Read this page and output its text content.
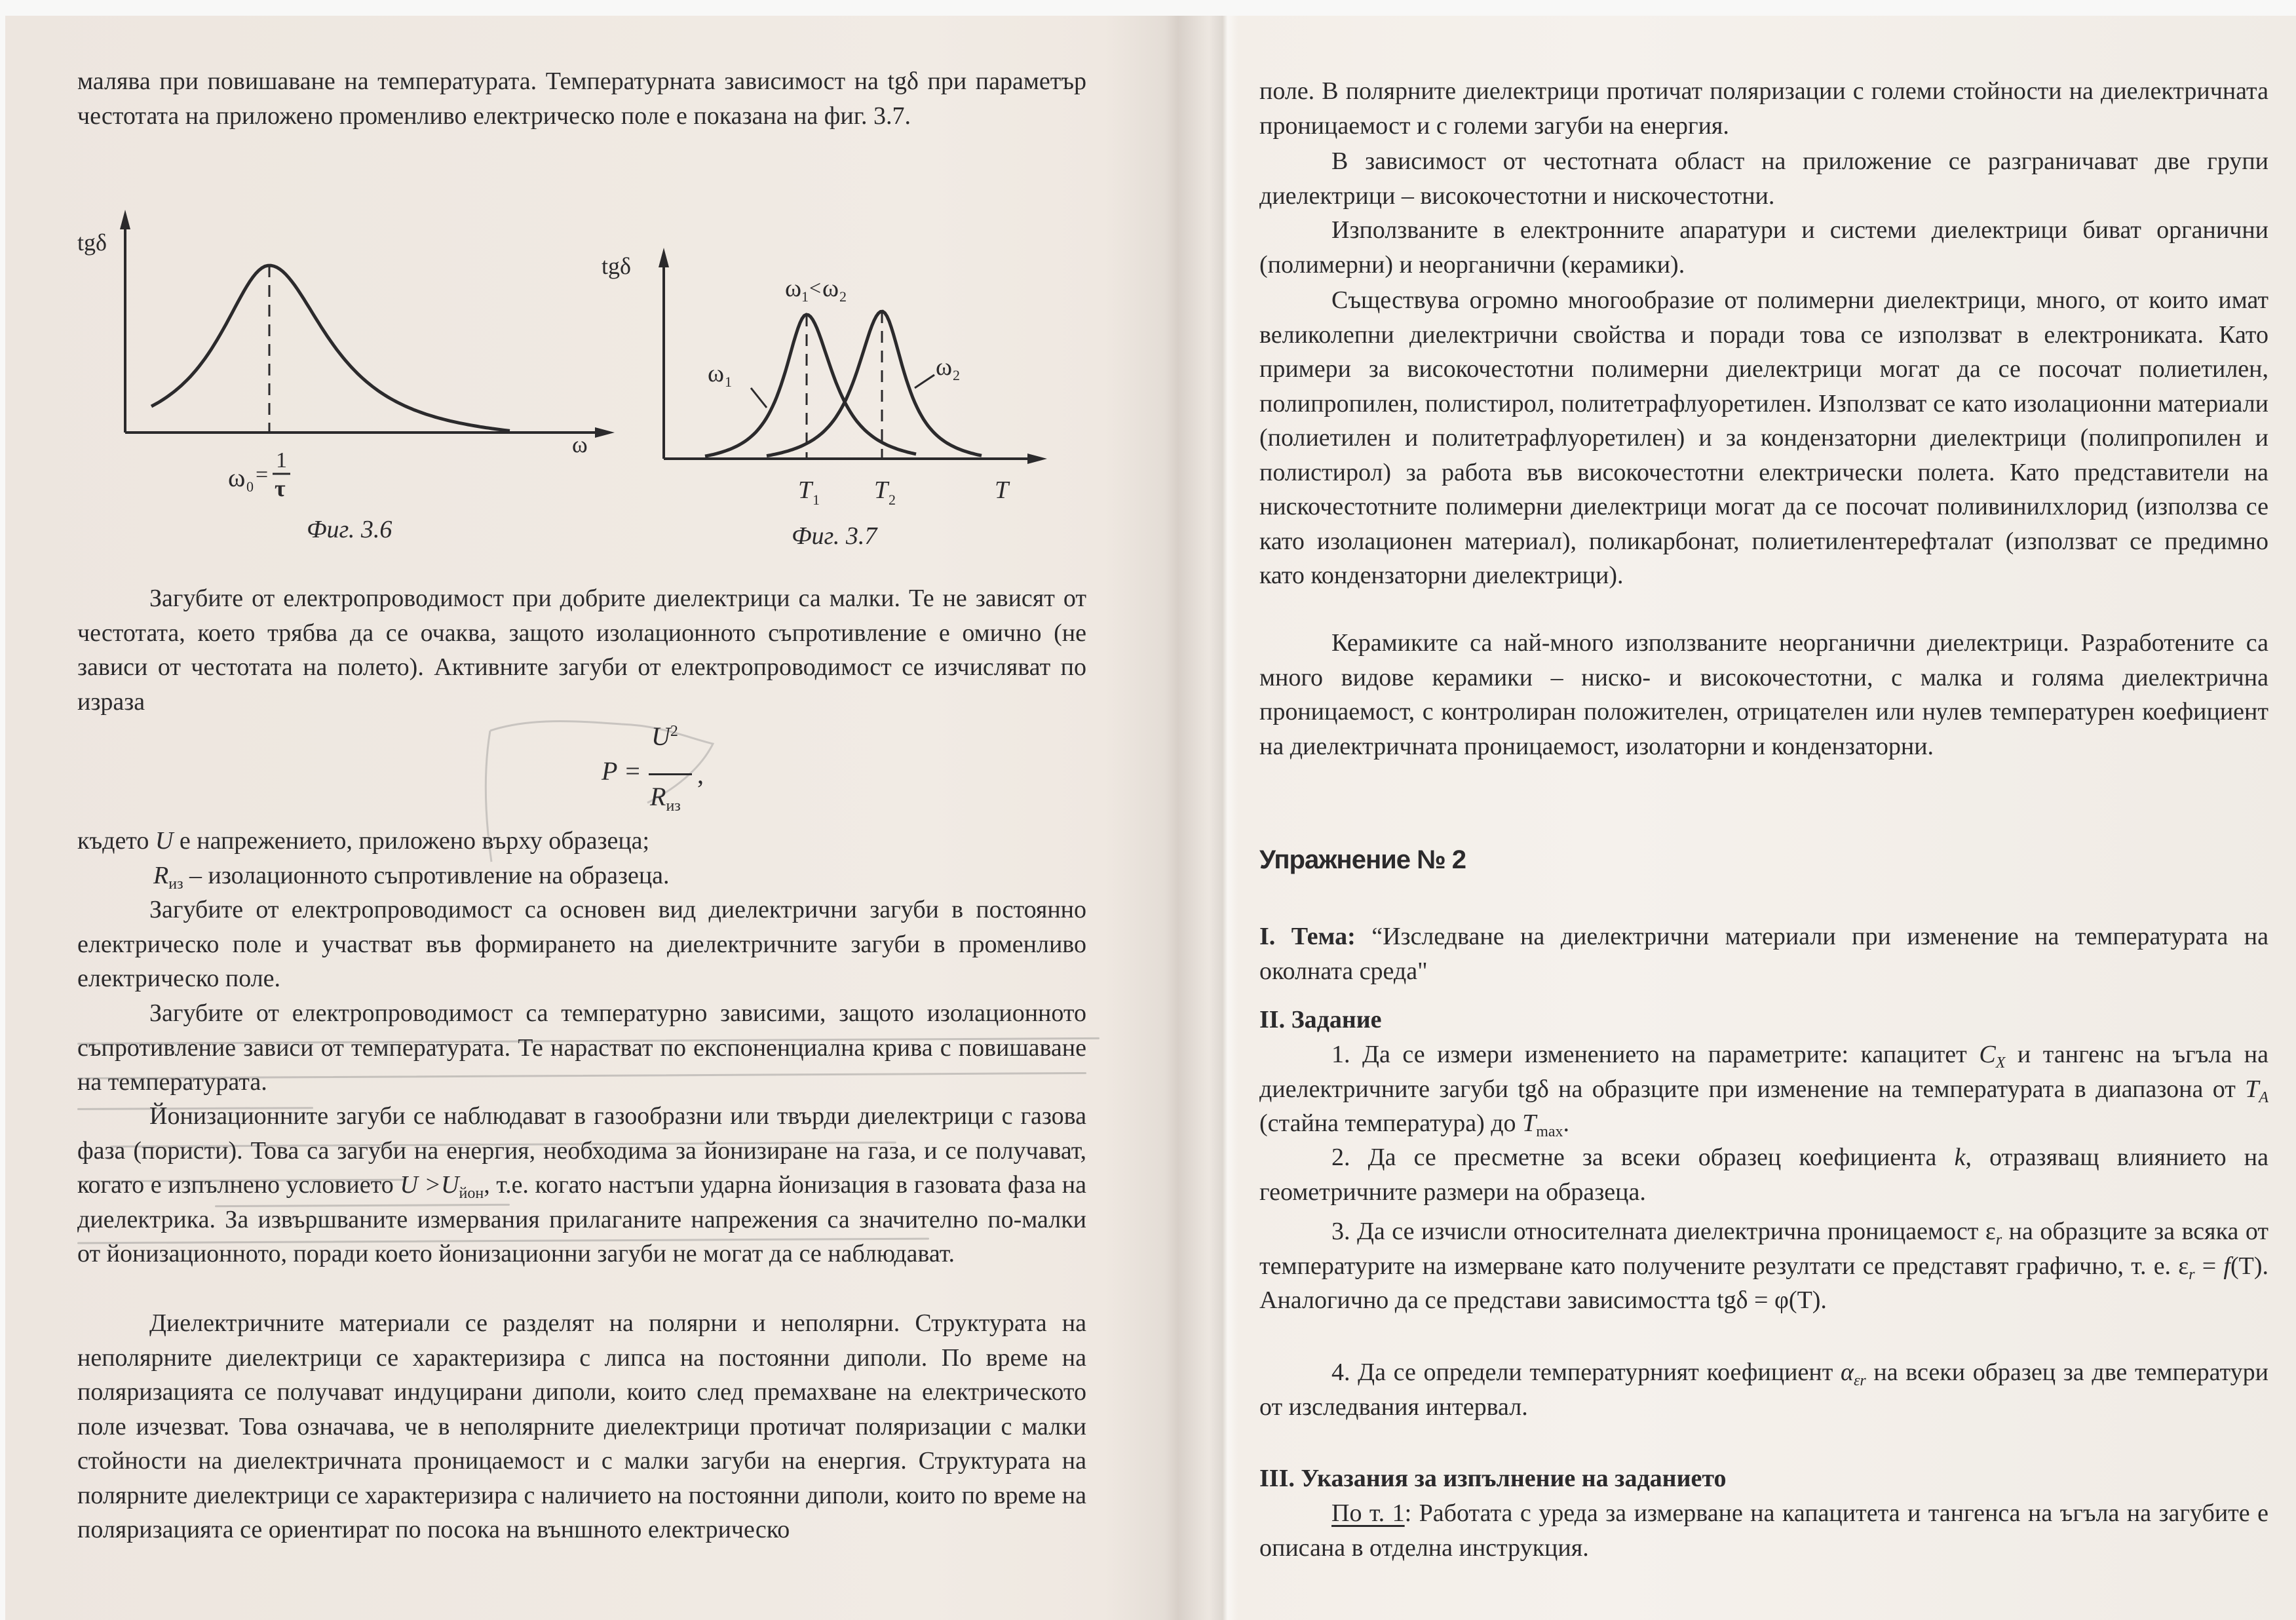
малява при повишаване на температурата. Температурната зависимост на tgδ при параметър честотата на приложено променливо електрическо поле е показана на фиг. 3.7.

tgδ
ω
ω 0 =
1
τ
Фиг. 3.6
tgδ
T
ω 1 < ω 2
ω 1
ω 2
T 1 T 2
Фиг. 3.7

Загубите от електропроводимост при добрите диелектрици са малки. Те не зависят от честотата, което трябва да се очаква, защото изолационното съпротивление е омично (не зависи от честотата на полето). Активните загуби от електропроводимост се изчисляват по израза

P =
$U^2$
$R_{из}$
,

където U е напрежението, приложено върху образеца;

$R_{из}$ – изолационното съпротивление на образеца.

Загубите от електропроводимост са основен вид диелектрични загуби в постоянно електрическо поле и участват във формирането на диелектричните загуби в променливо електрическо поле.

Загубите от електропроводимост са температурно зависими, защото изолационното съпротивление зависи от температурата. Те нарастват по експоненциална крива с повишаване на температурата.

Йонизационните загуби се наблюдават в газообразни или твърди диелектрици с газова фаза (пористи). Това са загуби на енергия, необходима за йонизиране на газа, и се получават, когато е изпълнено условието $U >U_{йон}$, т.е. когато настъпи ударна йонизация в газовата фаза на диелектрика. За извършваните измервания прилаганите напрежения са значително по-малки от йонизационното, поради което йонизационни загуби не могат да се наблюдават.

Диелектричните материали се разделят на полярни и неполярни. Структурата на неполярните диелектрици се характеризира с липса на постоянни диполи. По време на поляризацията се получават индуцирани диполи, които след премахване на електрическото поле изчезват. Това означава, че в неполярните диелектрици протичат поляризации с малки стойности на диелектричната проницаемост и с малки загуби на енергия. Структурата на полярните диелектрици се характеризира с наличието на постоянни диполи, които по време на поляризацията се ориентират по посока на външното електрическо

поле. В полярните диелектрици протичат поляризации с големи стойности на диелектричната проницаемост и с големи загуби на енергия.

В зависимост от честотната област на приложение се разграничават две групи диелектрици – високочестотни и нискочестотни.

Използваните в електронните апаратури и системи диелектрици биват органични (полимерни) и неорганични (керамики).

Съществува огромно многообразие от полимерни диелектрици, много, от които имат великолепни диелектрични свойства и поради това се използват в електрониката. Като примери за високочестотни полимерни диелектрици могат да се посочат полиетилен, полипропилен, полистирол, политетрафлуоретилен. Използват се като изолационни материали (полиетилен и политетрафлуоретилен) и за кондензаторни диелектрици (полипропилен и полистирол) за работа във високочестотни електрически полета. Като представители на нискочестотните полимерни диелектрици могат да се посочат поливинилхлорид (използва се като изолационен материал), поликарбонат, полиетилентерефталат (използват се предимно като кондензаторни диелектрици).

Керамиките са най-много използваните неорганични диелектрици. Разработените са много видове керамики – ниско- и високочестотни, с малка и голяма диелектрична проницаемост, с контролиран положителен, отрицателен или нулев температурен коефициент на диелектричната проницаемост, изолаторни и кондензаторни.

Упражнение № 2

I. Тема: “Изследване на диелектрични материали при изменение на температурата на околната среда"

II. Задание

1. Да се измери изменението на параметрите: капацитет $C_X$ и тангенс на ъгъла на диелектричните загуби tgδ на образците при изменение на температурата в диапазона от $T_A$ (стайна температура) до $T_{max}$.

2. Да се пресметне за всеки образец коефициента k, отразяващ влиянието на геометричните размери на образеца.

3. Да се изчисли относителната диелектрична проницаемост $\varepsilon_r$ на образците за всяка от температурите на измерване като получените резултати се представят графично, т. е. $\varepsilon_r = f(T)$. Аналогично да се представи зависимостта tgδ = φ(T).

4. Да се определи температурният коефициент $\alpha_{\varepsilon r}$ на всеки образец за две температури от изследвания интервал.

III. Указания за изпълнение на заданието

По т. 1: Работата с уреда за измерване на капацитета и тангенса на ъгъла на загубите е описана в отделна инструкция.
